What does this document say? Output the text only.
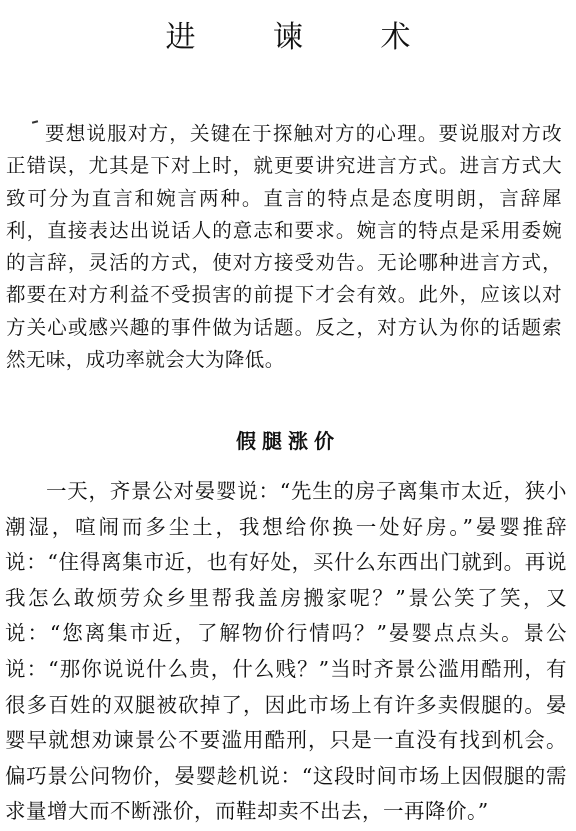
进 谏 术

要想说服对方，关键在于探触对方的心理。要说服对方改正错误，尤其是下对上时，就更要讲究进言方式。进言方式大致可分为直言和婉言两种。直言的特点是态度明朗，言辞犀利，直接表达出说话人的意志和要求。婉言的特点是采用委婉的言辞，灵活的方式，使对方接受劝告。无论哪种进言方式，都要在对方利益不受损害的前提下才会有效。此外，应该以对方关心或感兴趣的事件做为话题。反之，对方认为你的话题索然无味，成功率就会大为降低。

假腿涨价

一天，齐景公对晏婴说：“先生的房子离集市太近，狭小潮湿，喧闹而多尘土，我想给你换一处好房。”晏婴推辞说：“住得离集市近，也有好处，买什么东西出门就到。再说我怎么敢烦劳众乡里帮我盖房搬家呢？”景公笑了笑，又说：“您离集市近，了解物价行情吗？”晏婴点点头。景公说：“那你说说什么贵，什么贱？”当时齐景公滥用酷刑，有很多百姓的双腿被砍掉了，因此市场上有许多卖假腿的。晏婴早就想劝谏景公不要滥用酷刑，只是一直没有找到机会。偏巧景公问物价，晏婴趁机说：“这段时间市场上因假腿的需求量增大而不断涨价，而鞋却卖不出去，一再降价。”
